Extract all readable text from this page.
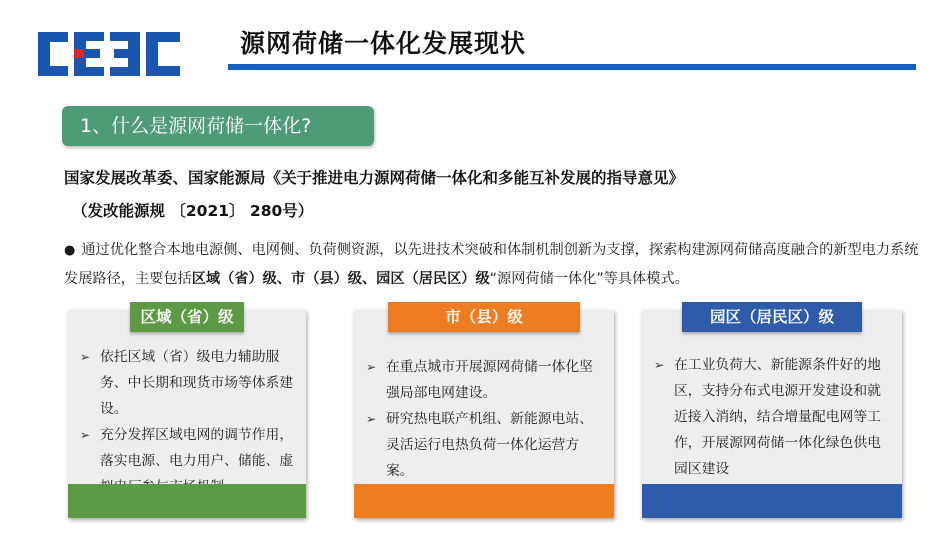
源网荷储一体化发展现状
1、什么是源网荷储一体化?
国家发展改革委、国家能源局《关于推进电力源网荷储一体化和多能互补发展的指导意见》
（发改能源规 〔2021〕 280号）
● 通过优化整合本地电源侧、电网侧、负荷侧资源，以先进技术突破和体制机制创新为支撑，探索构建源网荷储高度融合的新型电力系统发展路径，主要包括区域（省）级、市（县）级、园区（居民区）级“源网荷储一体化”等具体模式。
区域（省）级
➢ 依托区域（省）级电力辅助服务、中长期和现货市场等体系建设。
➢ 充分发挥区域电网的调节作用，落实电源、电力用户、储能、虚
市（县）级
➢ 在重点城市开展源网荷储一体化坚强局部电网建设。
➢ 研究热电联产机组、新能源电站、灵活运行电热负荷一体化运营方案。
园区（居民区）级
➢ 在工业负荷大、新能源条件好的地区，支持分布式电源开发建设和就近接入消纳，结合增量配电网等工作，开展源网荷储一体化绿色供电园区建设
